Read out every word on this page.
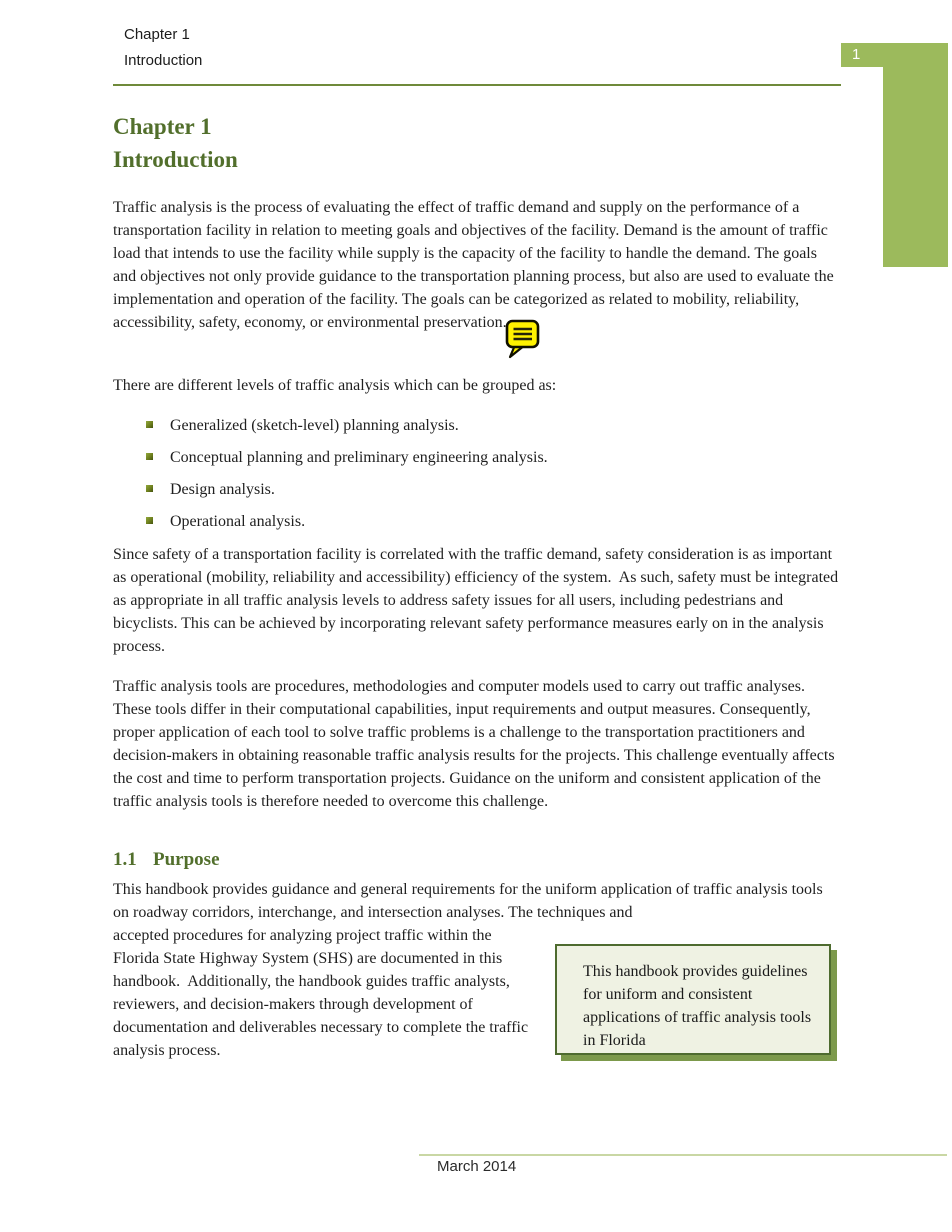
Chapter 1
Introduction	1
Chapter 1
Introduction
Traffic analysis is the process of evaluating the effect of traffic demand and supply on the performance of a transportation facility in relation to meeting goals and objectives of the facility. Demand is the amount of traffic load that intends to use the facility while supply is the capacity of the facility to handle the demand. The goals and objectives not only provide guidance to the transportation planning process, but also are used to evaluate the implementation and operation of the facility. The goals can be categorized as related to mobility, reliability, accessibility, safety, economy, or environmental preservation.
There are different levels of traffic analysis which can be grouped as:
Generalized (sketch-level) planning analysis.
Conceptual planning and preliminary engineering analysis.
Design analysis.
Operational analysis.
Since safety of a transportation facility is correlated with the traffic demand, safety consideration is as important as operational (mobility, reliability and accessibility) efficiency of the system.  As such, safety must be integrated as appropriate in all traffic analysis levels to address safety issues for all users, including pedestrians and bicyclists. This can be achieved by incorporating relevant safety performance measures early on in the analysis process.
Traffic analysis tools are procedures, methodologies and computer models used to carry out traffic analyses. These tools differ in their computational capabilities, input requirements and output measures. Consequently, proper application of each tool to solve traffic problems is a challenge to the transportation practitioners and decision-makers in obtaining reasonable traffic analysis results for the projects. This challenge eventually affects the cost and time to perform transportation projects. Guidance on the uniform and consistent application of the traffic analysis tools is therefore needed to overcome this challenge.
1.1 Purpose
This handbook provides guidance and general requirements for the uniform application of traffic analysis tools on roadway corridors, interchange, and intersection analyses. The techniques and
accepted procedures for analyzing project traffic within the Florida State Highway System (SHS) are documented in this handbook.  Additionally, the handbook guides traffic analysts, reviewers, and decision-makers through development of documentation and deliverables necessary to complete the traffic analysis process.
This handbook provides guidelines for uniform and consistent applications of traffic analysis tools in Florida
March 2014
